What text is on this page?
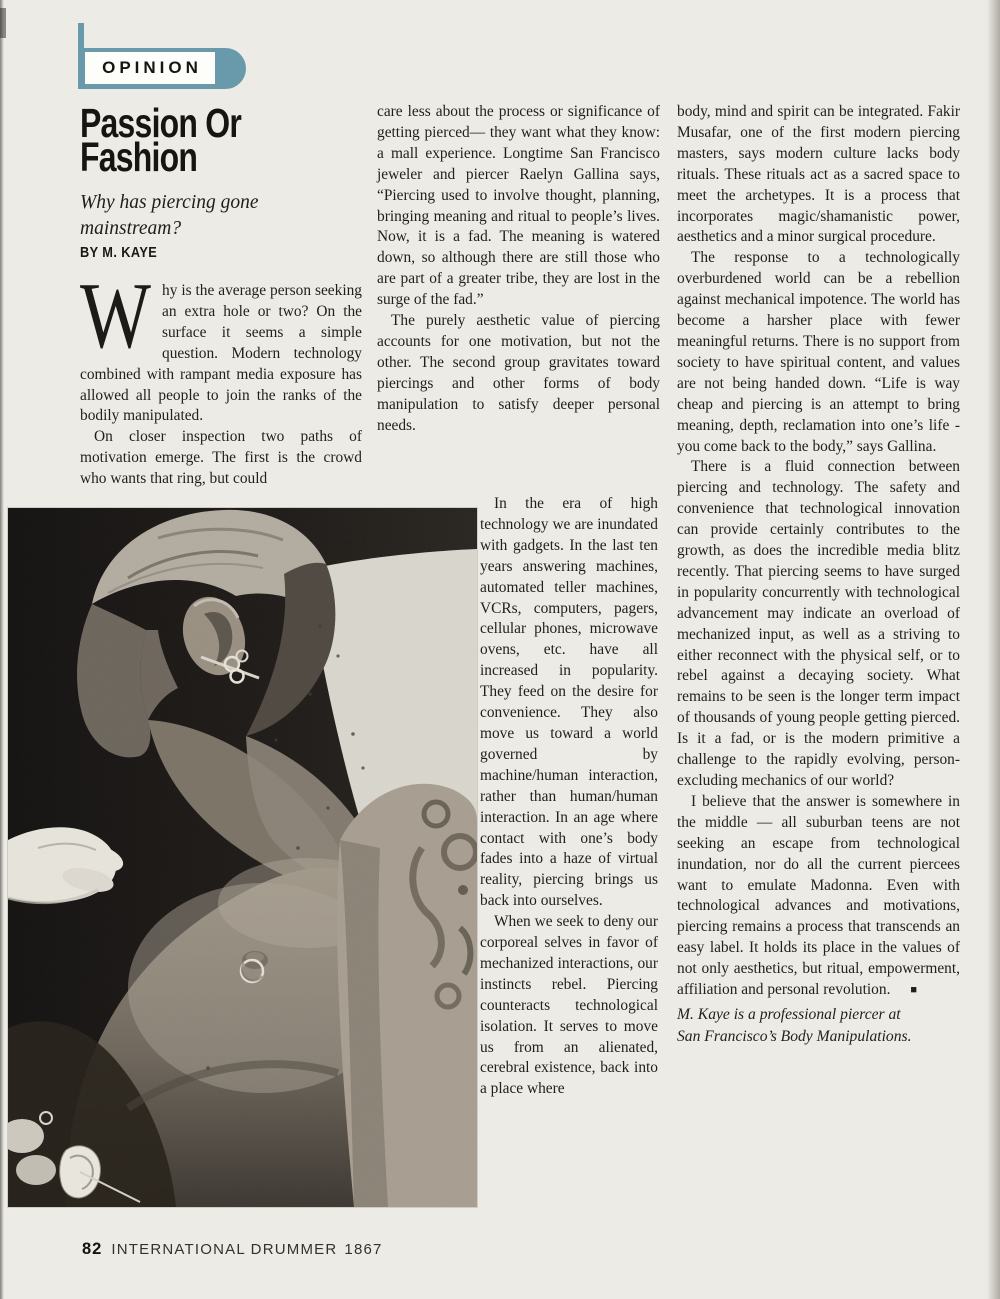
OPINION
Passion Or
Fashion
Why has piercing gone mainstream?
BY M. KAYE

W hy is the average person seeking an extra hole or two? On the surface it seems a simple question. Modern technology combined with rampant media exposure has allowed all people to join the ranks of the bodily manipulated.

On closer inspection two paths of motivation emerge. The first is the crowd who wants that ring, but could

care less about the process or significance of getting pierced— they want what they know: a mall experience. Longtime San Francisco jeweler and piercer Raelyn Gallina says, “Piercing used to involve thought, planning, bringing meaning and ritual to people’s lives. Now, it is a fad. The meaning is watered down, so although there are still those who are part of a greater tribe, they are lost in the surge of the fad.”

The purely aesthetic value of piercing accounts for one motivation, but not the other. The second group gravitates toward piercings and other forms of body manipulation to satisfy deeper personal needs.

In the era of high technology we are inundated with gadgets. In the last ten years answering machines, automated teller machines, VCRs, computers, pagers, cellular phones, microwave ovens, etc. have all increased in popularity. They feed on the desire for convenience. They also move us toward a world governed by machine/human interaction, rather than human/human interaction. In an age where contact with one’s body fades into a haze of virtual reality, piercing brings us back into ourselves.

When we seek to deny our corporeal selves in favor of mechanized interactions, our instincts rebel. Piercing counteracts technological isolation. It serves to move us from an alienated, cerebral existence, back into a place where

body, mind and spirit can be integrated. Fakir Musafar, one of the first modern piercing masters, says modern culture lacks body rituals. These rituals act as a sacred space to meet the archetypes. It is a process that incorporates magic/shamanistic power, aesthetics and a minor surgical procedure.

The response to a technologically overburdened world can be a rebellion against mechanical impotence. The world has become a harsher place with fewer meaningful returns. There is no support from society to have spiritual content, and values are not being handed down. “Life is way cheap and piercing is an attempt to bring meaning, depth, reclamation into one’s life - you come back to the body,” says Gallina.

There is a fluid connection between piercing and technology. The safety and convenience that technological innovation can provide certainly contributes to the growth, as does the incredible media blitz recently. That piercing seems to have surged in popularity concurrently with technological advancement may indicate an overload of mechanized input, as well as a striving to either reconnect with the physical self, or to rebel against a decaying society. What remains to be seen is the longer term impact of thousands of young people getting pierced. Is it a fad, or is the modern primitive a challenge to the rapidly evolving, person-excluding mechanics of our world?

I believe that the answer is somewhere in the middle — all suburban teens are not seeking an escape from technological inundation, nor do all the current piercees want to emulate Madonna. Even with technological advances and motivations, piercing remains a process that transcends an easy label. It holds its place in the values of not only aesthetics, but ritual, empowerment, affiliation and personal revolution. ■

M. Kaye is a professional piercer at
San Francisco’s Body Manipulations.
82 INTERNATIONAL DRUMMER 1867
